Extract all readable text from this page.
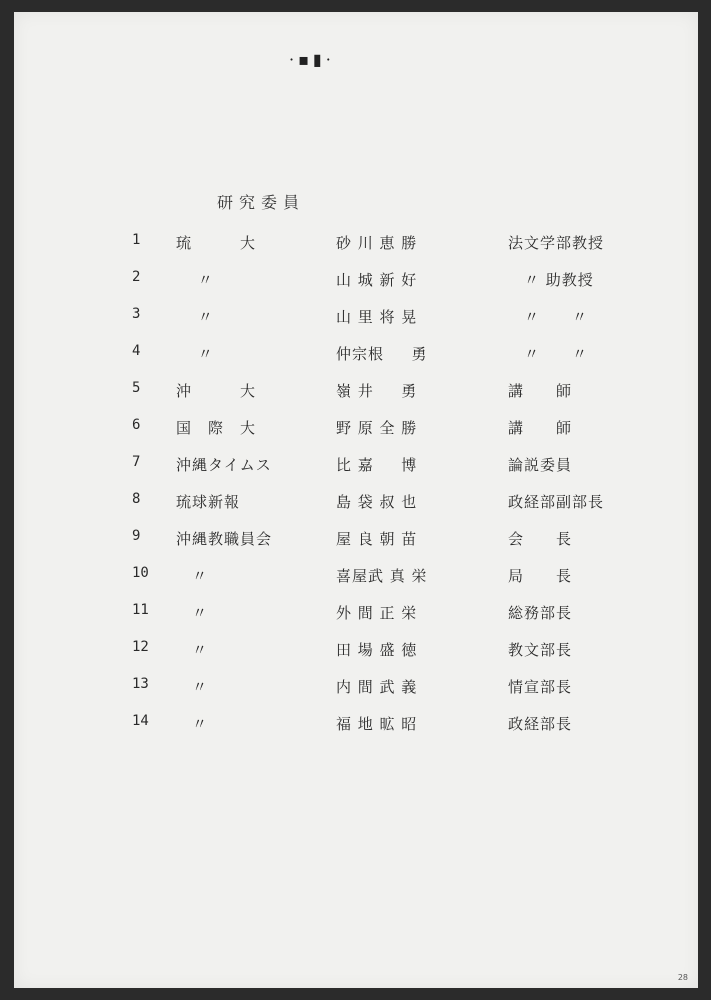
·▪▮·
研究委員
1	琉　　　大	砂 川 恵 勝	法文学部教授
2	　 〃	山 城 新 好	　〃 助教授
3	　 〃	山 里 将 晃	　〃　　〃
4	　 〃	仲宗根 　 勇	　〃　　〃
5	沖　　　大	嶺 井 　 勇	講　　師
6	国　際　大	野 原 全 勝	講　　師
7	沖縄タイムス	比 嘉 　 博	論説委員
8	琉球新報	島 袋 叔 也	政経部副部長
9	沖縄教職員会	屋 良 朝 苗	会　　長
10	　〃	喜屋武 真 栄	局　　長
11	　〃	外 間 正 栄	総務部長
12	　〃	田 場 盛 徳	教文部長
13	　〃	内 間 武 義	情宣部長
14	　〃	福 地 昿 昭	政経部長
28
